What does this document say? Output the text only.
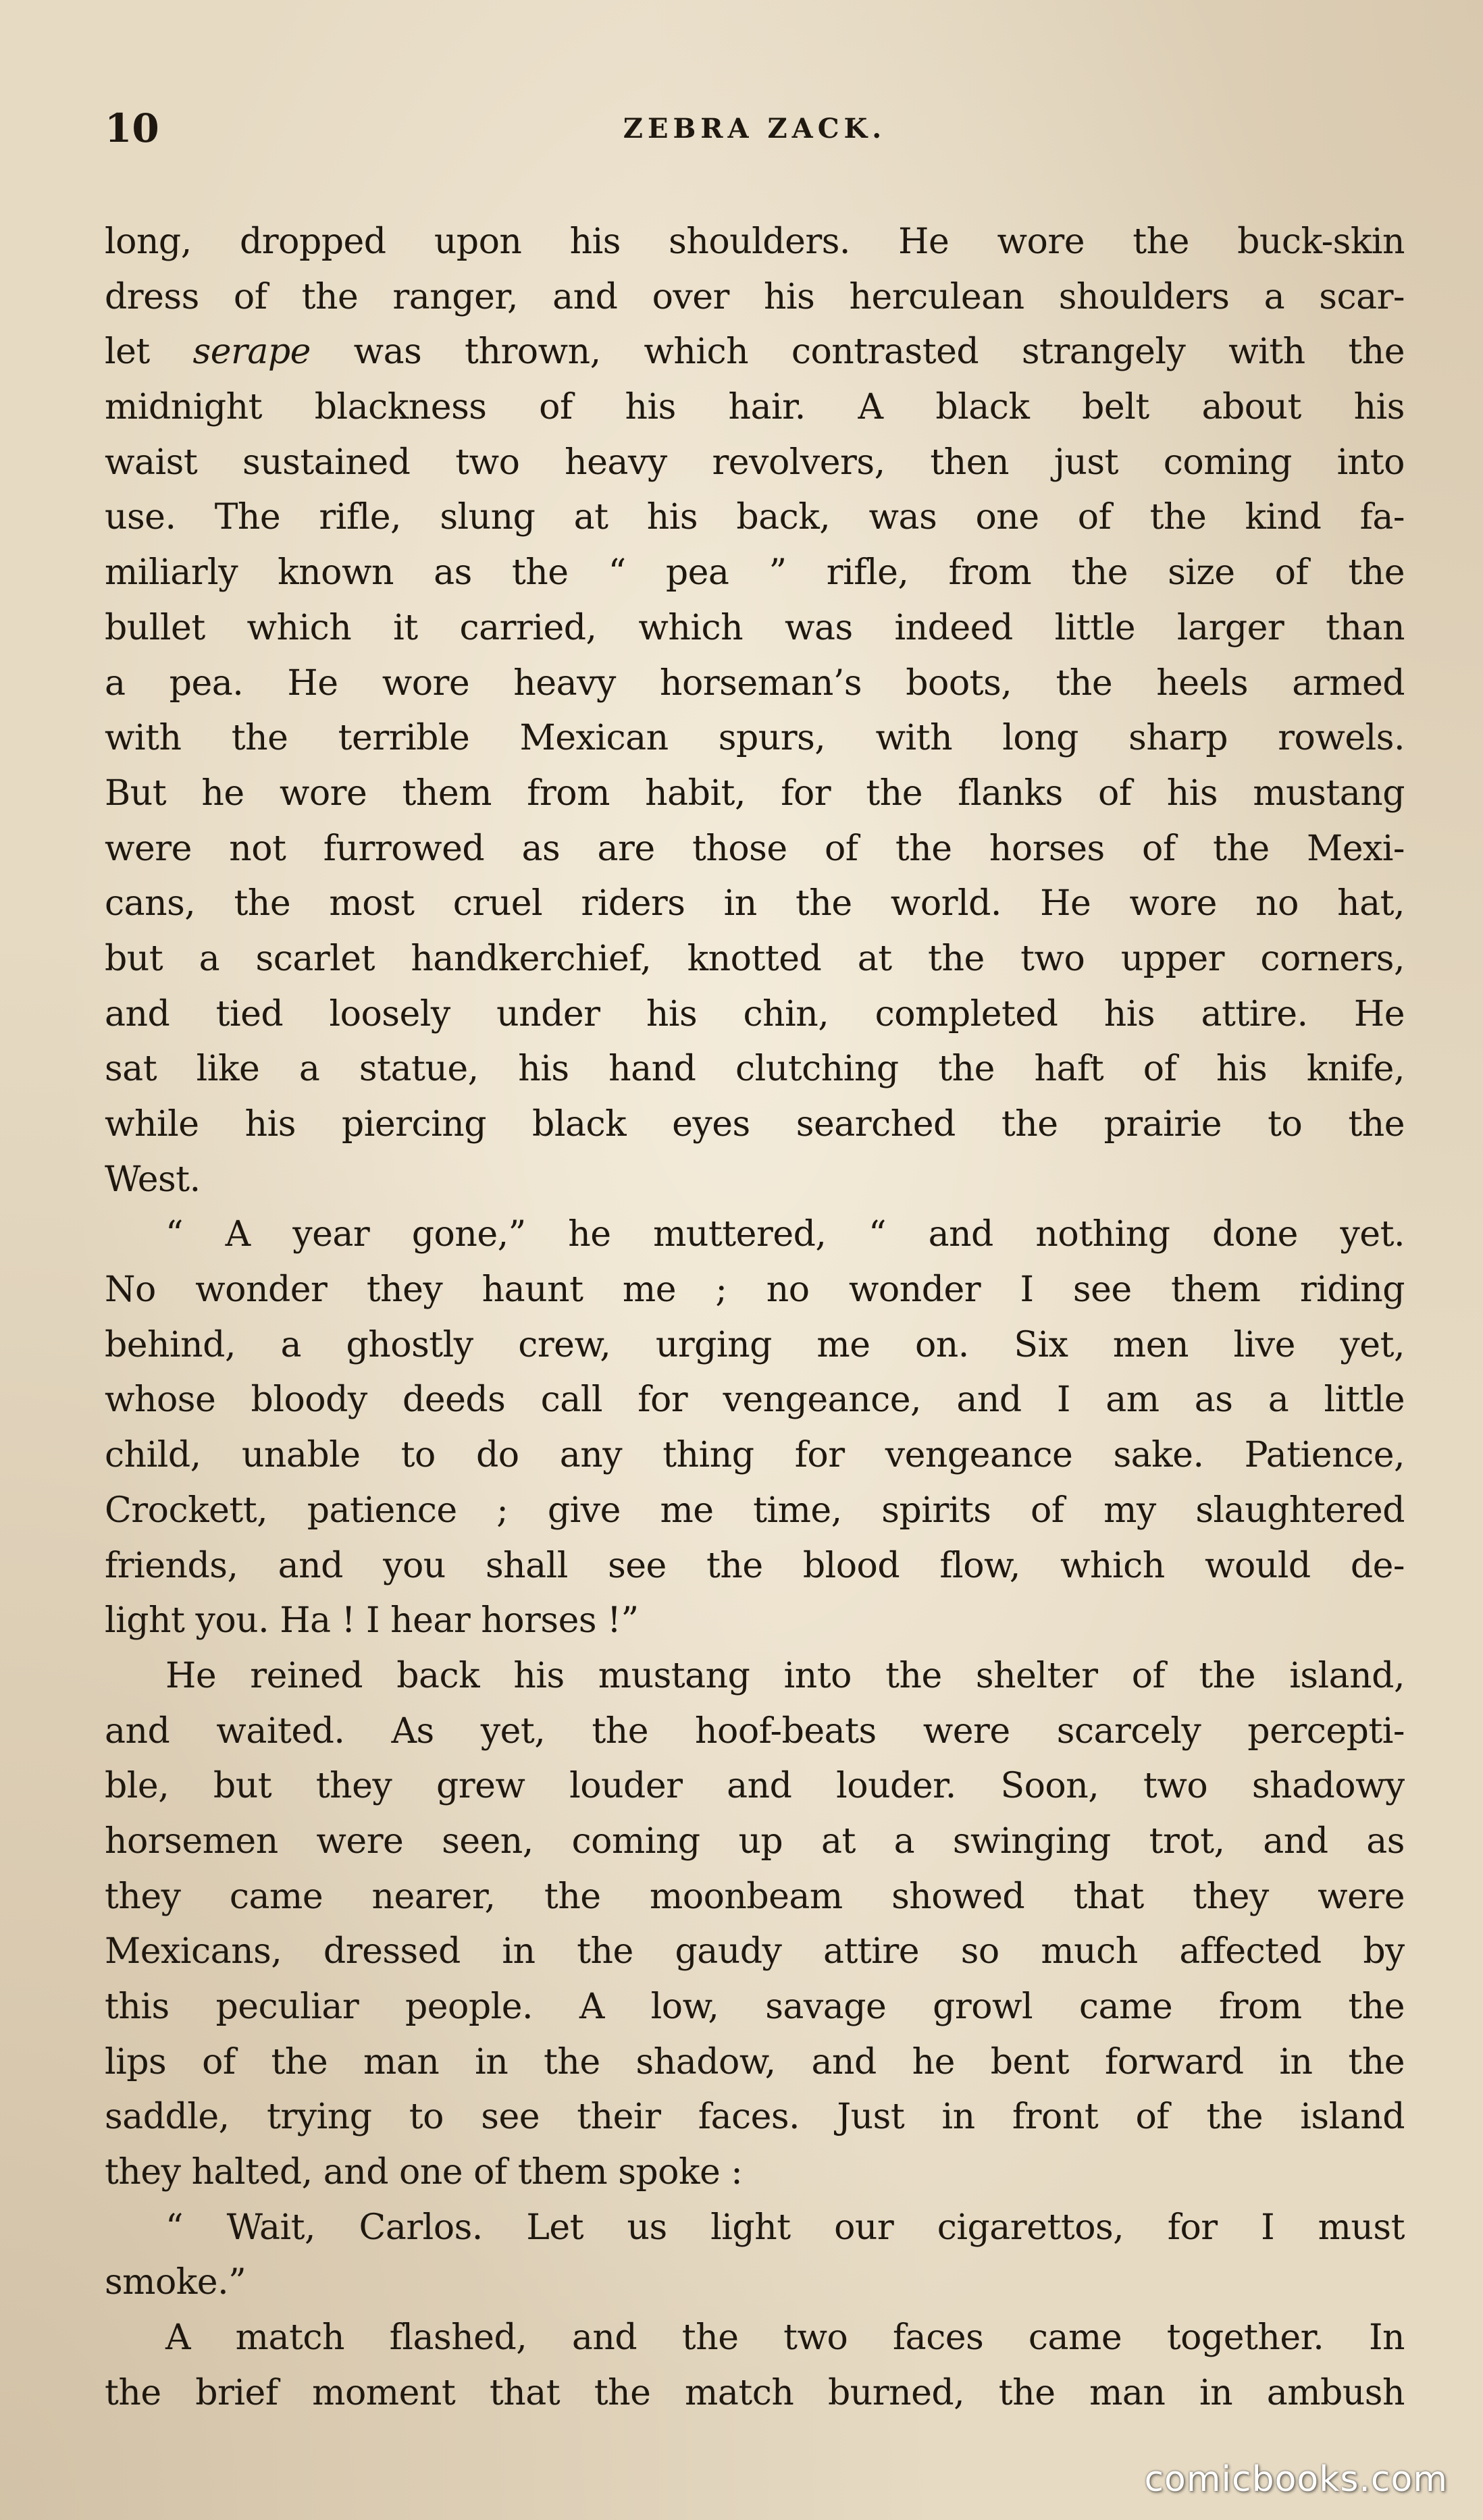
10	ZEBRA ZACK.
long, dropped upon his shoulders. He wore the buck-skin
dress of the ranger, and over his herculean shoulders a scar-
let serape was thrown, which contrasted strangely with the
midnight blackness of his hair. A black belt about his
waist sustained two heavy revolvers, then just coming into
use. The rifle, slung at his back, was one of the kind fa-
miliarly known as the “ pea ” rifle, from the size of the
bullet which it carried, which was indeed little larger than
a pea. He wore heavy horseman’s boots, the heels armed
with the terrible Mexican spurs, with long sharp rowels.
But he wore them from habit, for the flanks of his mustang
were not furrowed as are those of the horses of the Mexi-
cans, the most cruel riders in the world. He wore no hat,
but a scarlet handkerchief, knotted at the two upper corners,
and tied loosely under his chin, completed his attire. He
sat like a statue, his hand clutching the haft of his knife,
while his piercing black eyes searched the prairie to the
West.
“ A year gone,” he muttered, “ and nothing done yet.
No wonder they haunt me ; no wonder I see them riding
behind, a ghostly crew, urging me on. Six men live yet,
whose bloody deeds call for vengeance, and I am as a little
child, unable to do any thing for vengeance sake. Patience,
Crockett, patience ; give me time, spirits of my slaughtered
friends, and you shall see the blood flow, which would de-
light you. Ha ! I hear horses !”
He reined back his mustang into the shelter of the island,
and waited. As yet, the hoof-beats were scarcely percepti-
ble, but they grew louder and louder. Soon, two shadowy
horsemen were seen, coming up at a swinging trot, and as
they came nearer, the moonbeam showed that they were
Mexicans, dressed in the gaudy attire so much affected by
this peculiar people. A low, savage growl came from the
lips of the man in the shadow, and he bent forward in the
saddle, trying to see their faces. Just in front of the island
they halted, and one of them spoke :
“ Wait, Carlos. Let us light our cigarettos, for I must
smoke.”
A match flashed, and the two faces came together. In
the brief moment that the match burned, the man in ambush
comicbooks.com
